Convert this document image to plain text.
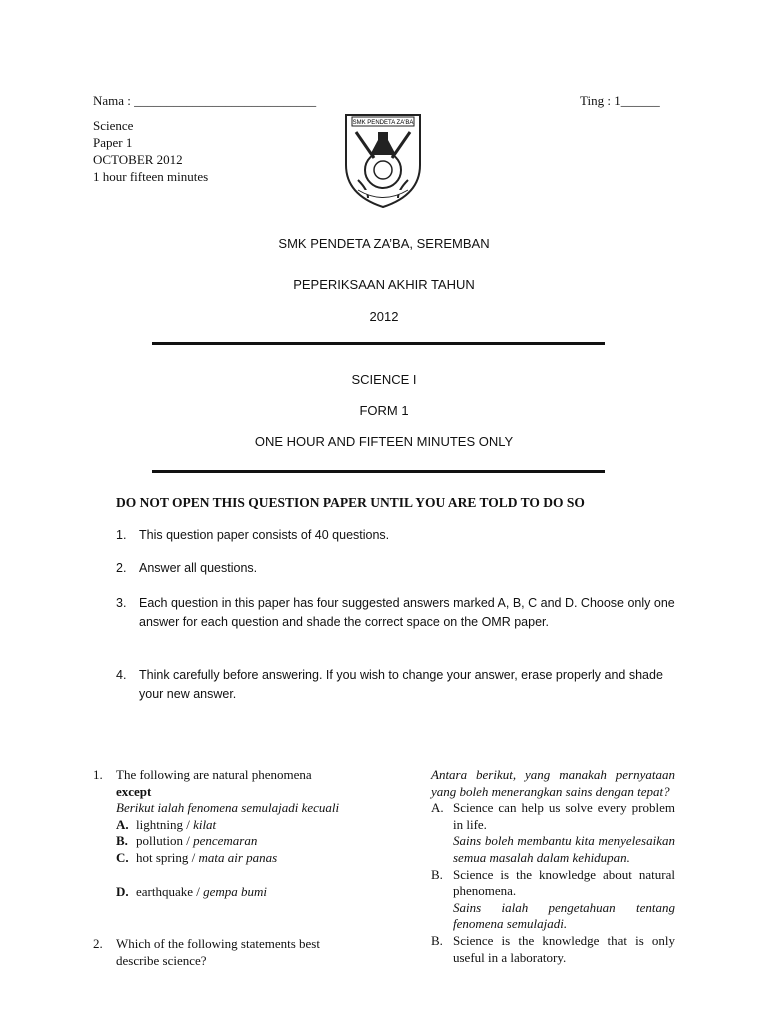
Nama : ____________________________	Ting : 1______
Science
Paper 1
OCTOBER 2012
1 hour fifteen minutes
SMK PENDETA ZA'BA
SMK PENDETA ZA’BA, SEREMBAN
PEPERIKSAAN AKHIR TAHUN
2012
SCIENCE I
FORM 1
ONE HOUR AND FIFTEEN MINUTES ONLY
DO NOT OPEN THIS QUESTION PAPER UNTIL YOU ARE TOLD TO DO SO
1. This question paper consists of 40 questions.
2. Answer all questions.
3. Each question in this paper has four suggested answers marked A, B, C and D. Choose only one answer for each question and shade the correct space on the OMR paper.
4. Think carefully before answering. If you wish to change your answer, erase properly and shade your new answer.
1. The following are natural phenomena
except
Berikut ialah fenomena semulajadi kecuali
A. lightning / kilat
B. pollution / pencemaran
C. hot spring / mata air panas
D. earthquake / gempa bumi
2. Which of the following statements best describe science?
Antara berikut, yang manakah pernyataan yang boleh menerangkan sains dengan tepat?
A. Science can help us solve every problem in life.
Sains boleh membantu kita menyelesaikan semua masalah dalam kehidupan.
B. Science is the knowledge about natural phenomena.
Sains ialah pengetahuan tentang fenomena semulajadi.
B. Science is the knowledge that is only useful in a laboratory.
